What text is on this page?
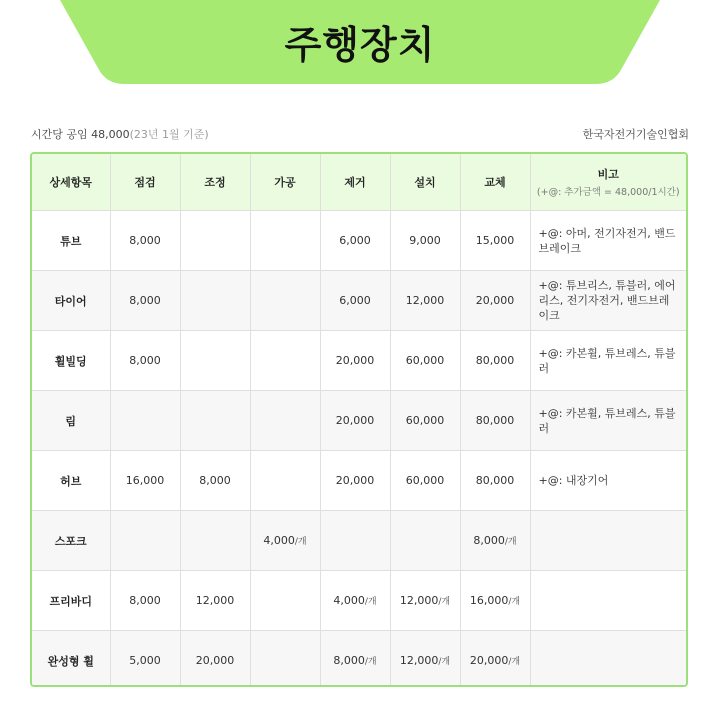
주행장치
시간당 공임 48,000(23년 1월 기준)	한국자전거기술인협회
상세항목	점검	조정	가공	제거	설치	교체	비고
(+@: 추가금액 = 48,000/1시간)

튜브	8,000			6,000	9,000	15,000	+@: 아머, 전기자전거, 밴드브레이크
타이어	8,000			6,000	12,000	20,000	+@: 튜브리스, 튜블러, 에어리스, 전기자전거, 밴드브레이크
휠빌딩	8,000			20,000	60,000	80,000	+@: 카본휠, 튜브레스, 튜블러
림				20,000	60,000	80,000	+@: 카본휠, 튜브레스, 튜블러
허브	16,000	8,000		20,000	60,000	80,000	+@: 내장기어
스포크			4,000/개			8,000/개	
프리바디	8,000	12,000		4,000/개	12,000/개	16,000/개	
완성형 휠	5,000	20,000		8,000/개	12,000/개	20,000/개	
